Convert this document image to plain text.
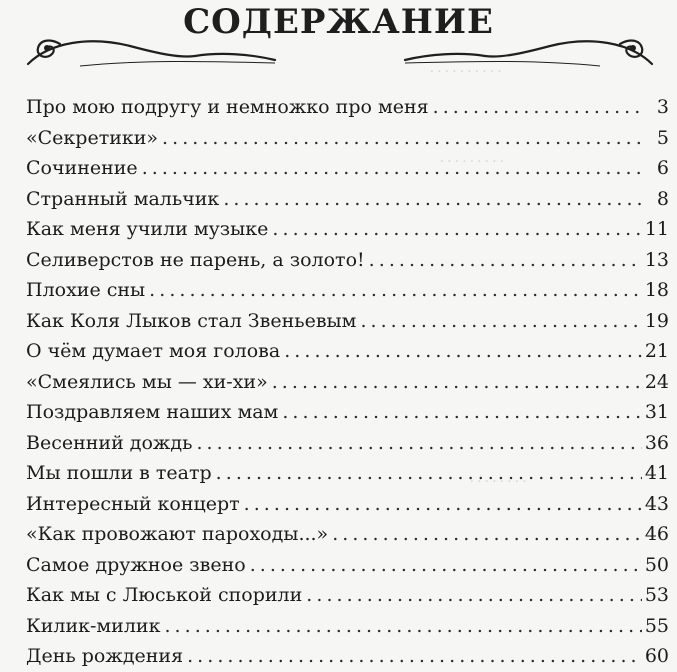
. . . . . . . . . .
. . . . . . . . .
. . . . . . . .
СОДЕРЖАНИЕ
Про мою подругу и немножко про меня . . .	3
«Секретики» . . .	5
Сочинение . . .	6
Странный мальчик . . .	8
Как меня учили музыке . . .	11
Селиверстов не парень, а золото! . . .	13
Плохие сны . . .	18
Как Коля Лыков стал Звеньевым . . .	19
О чём думает моя голова . . .	21
«Смеялись мы — хи-хи» . . .	24
Поздравляем наших мам . . .	31
Весенний дождь . . .	36
Мы пошли в театр . . .	41
Интересный концерт . . .	43
«Как провожают пароходы...» . . .	46
Самое дружное звено . . .	50
Как мы с Люськой спорили . . .	53
Килик-милик . . .	55
День рождения . . .	60
